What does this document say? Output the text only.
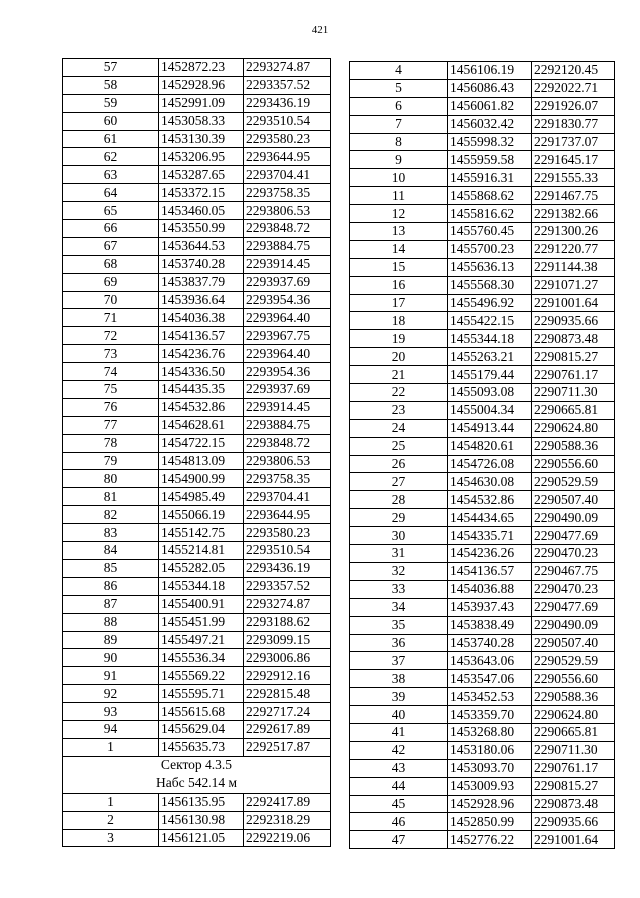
421
57	1452872.23	2293274.87
58	1452928.96	2293357.52
59	1452991.09	2293436.19
60	1453058.33	2293510.54
61	1453130.39	2293580.23
62	1453206.95	2293644.95
63	1453287.65	2293704.41
64	1453372.15	2293758.35
65	1453460.05	2293806.53
66	1453550.99	2293848.72
67	1453644.53	2293884.75
68	1453740.28	2293914.45
69	1453837.79	2293937.69
70	1453936.64	2293954.36
71	1454036.38	2293964.40
72	1454136.57	2293967.75
73	1454236.76	2293964.40
74	1454336.50	2293954.36
75	1454435.35	2293937.69
76	1454532.86	2293914.45
77	1454628.61	2293884.75
78	1454722.15	2293848.72
79	1454813.09	2293806.53
80	1454900.99	2293758.35
81	1454985.49	2293704.41
82	1455066.19	2293644.95
83	1455142.75	2293580.23
84	1455214.81	2293510.54
85	1455282.05	2293436.19
86	1455344.18	2293357.52
87	1455400.91	2293274.87
88	1455451.99	2293188.62
89	1455497.21	2293099.15
90	1455536.34	2293006.86
91	1455569.22	2292912.16
92	1455595.71	2292815.48
93	1455615.68	2292717.24
94	1455629.04	2292617.89
1	1455635.73	2292517.87

Сектор 4.3.5
Набс 542.14 м		

1	1456135.95	2292417.89
2	1456130.98	2292318.29
3	1456121.05	2292219.06
4	1456106.19	2292120.45
5	1456086.43	2292022.71
6	1456061.82	2291926.07
7	1456032.42	2291830.77
8	1455998.32	2291737.07
9	1455959.58	2291645.17
10	1455916.31	2291555.33
11	1455868.62	2291467.75
12	1455816.62	2291382.66
13	1455760.45	2291300.26
14	1455700.23	2291220.77
15	1455636.13	2291144.38
16	1455568.30	2291071.27
17	1455496.92	2291001.64
18	1455422.15	2290935.66
19	1455344.18	2290873.48
20	1455263.21	2290815.27
21	1455179.44	2290761.17
22	1455093.08	2290711.30
23	1455004.34	2290665.81
24	1454913.44	2290624.80
25	1454820.61	2290588.36
26	1454726.08	2290556.60
27	1454630.08	2290529.59
28	1454532.86	2290507.40
29	1454434.65	2290490.09
30	1454335.71	2290477.69
31	1454236.26	2290470.23
32	1454136.57	2290467.75
33	1454036.88	2290470.23
34	1453937.43	2290477.69
35	1453838.49	2290490.09
36	1453740.28	2290507.40
37	1453643.06	2290529.59
38	1453547.06	2290556.60
39	1453452.53	2290588.36
40	1453359.70	2290624.80
41	1453268.80	2290665.81
42	1453180.06	2290711.30
43	1453093.70	2290761.17
44	1453009.93	2290815.27
45	1452928.96	2290873.48
46	1452850.99	2290935.66
47	1452776.22	2291001.64
